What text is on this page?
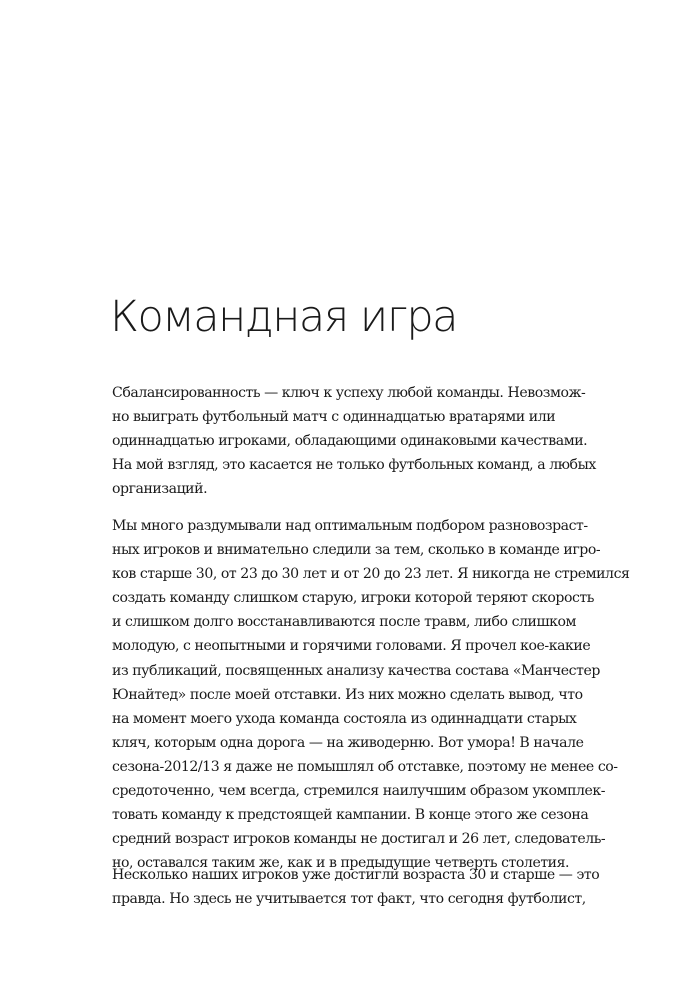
Командная игра
Сбалансированность — ключ к успеху любой команды. Невозмож-
но выиграть футбольный матч с одиннадцатью вратарями или
одиннадцатью игроками, обладающими одинаковыми качествами.
На мой взгляд, это касается не только футбольных команд, а любых
организаций.
Мы много раздумывали над оптимальным подбором разновозраст-
ных игроков и внимательно следили за тем, сколько в команде игро-
ков старше 30, от 23 до 30 лет и от 20 до 23 лет. Я никогда не стремился
создать команду слишком старую, игроки которой теряют скорость
и слишком долго восстанавливаются после травм, либо слишком
молодую, с неопытными и горячими головами. Я прочел кое-какие
из публикаций, посвященных анализу качества состава «Манчестер
Юнайтед» после моей отставки. Из них можно сделать вывод, что
на момент моего ухода команда состояла из одиннадцати старых
кляч, которым одна дорога — на живодерню. Вот умора! В начале
сезона-2012/13 я даже не помышлял об отставке, поэтому не менее со-
средоточенно, чем всегда, стремился наилучшим образом укомплек-
товать команду к предстоящей кампании. В конце этого же сезона
средний возраст игроков команды не достигал и 26 лет, следователь-
но, оставался таким же, как и в предыдущие четверть столетия.
Несколько наших игроков уже достигли возраста 30 и старше — это
правда. Но здесь не учитывается тот факт, что сегодня футболист,
